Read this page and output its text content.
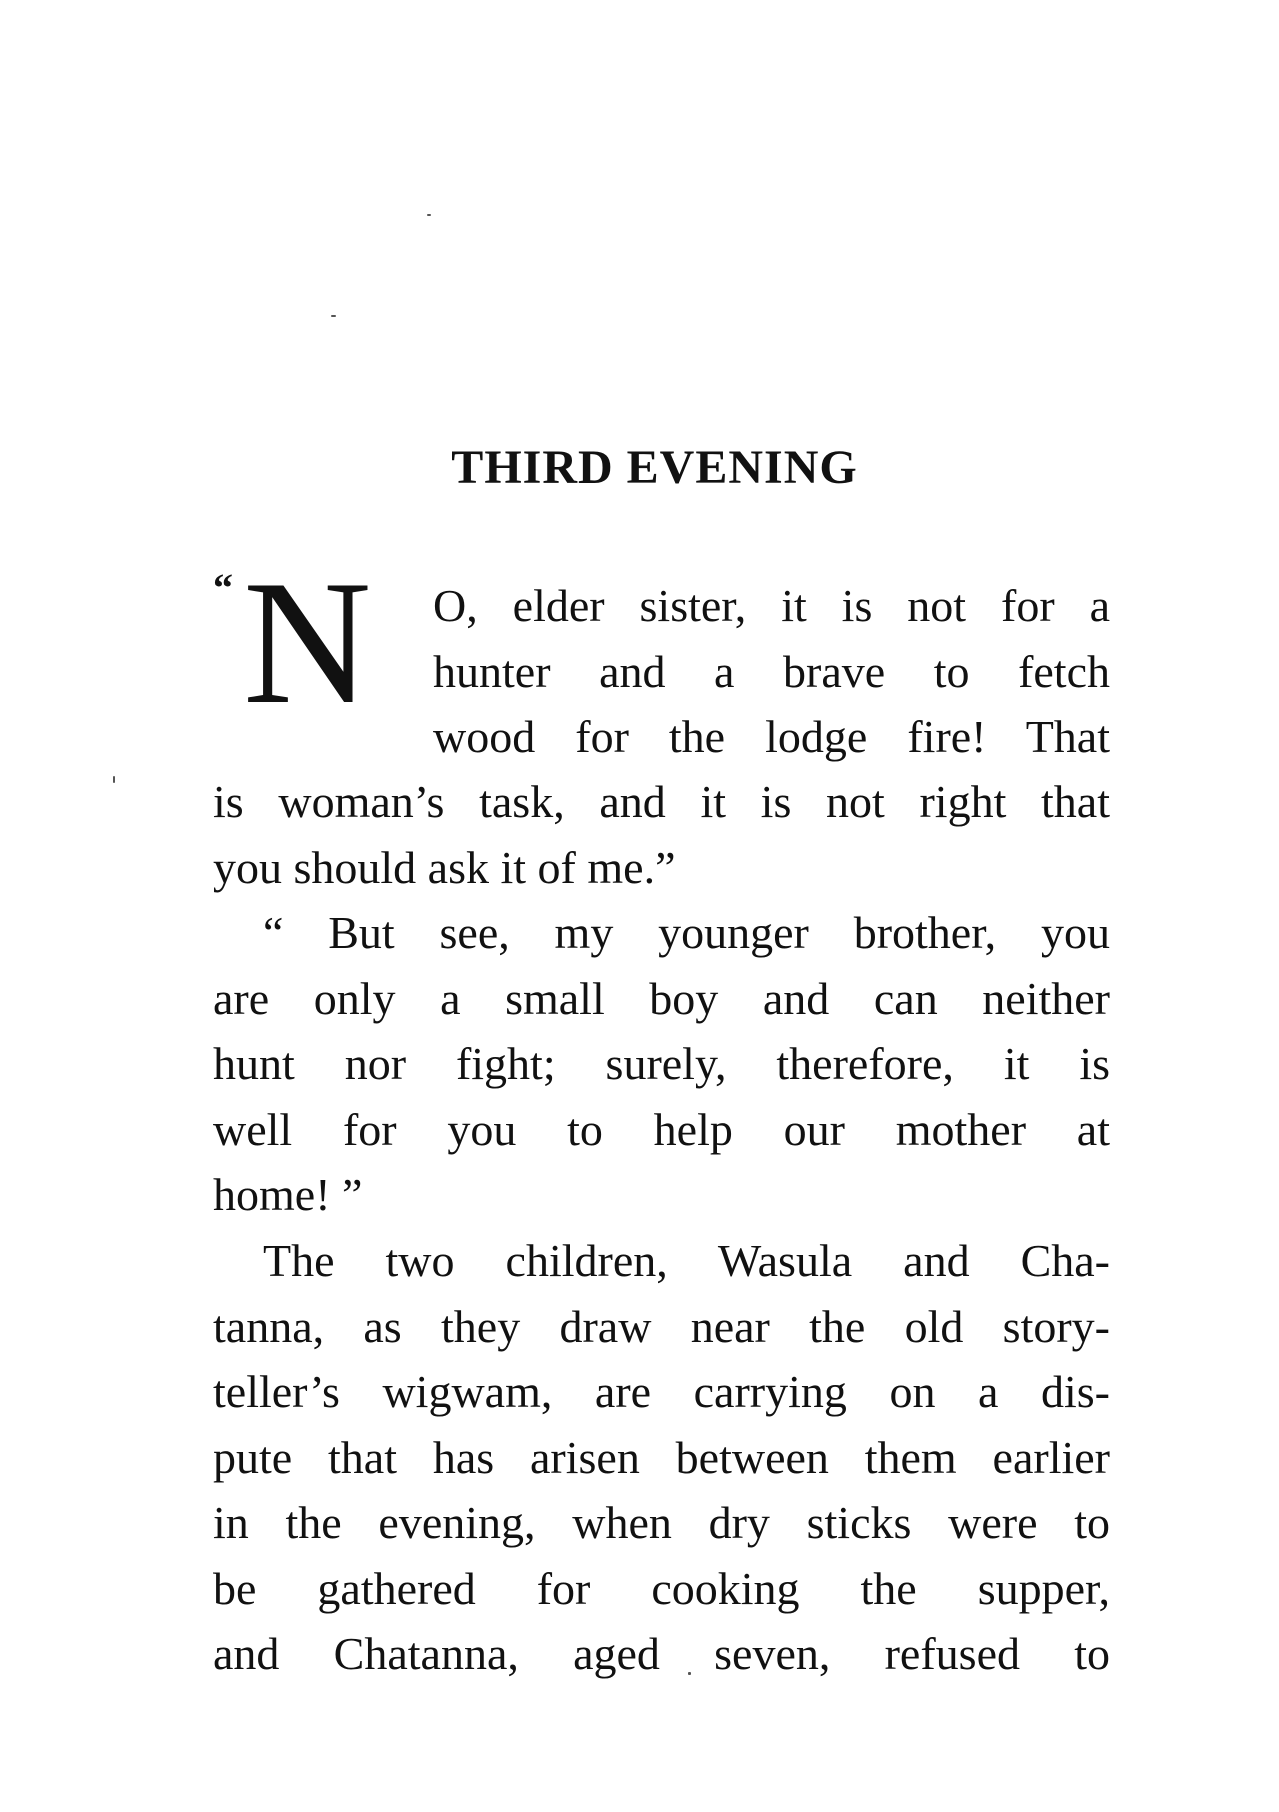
THIRD EVENING
“ N O, elder sister, it is not for a
hunter and a brave to fetch
wood for the lodge fire! That
is woman’s task, and it is not right that
you should ask it of me.”
“ But see, my younger brother, you
are only a small boy and can neither
hunt nor fight; surely, therefore, it is
well for you to help our mother at
home! ”
The two children, Wasula and Cha-
tanna, as they draw near the old story-
teller’s wigwam, are carrying on a dis-
pute that has arisen between them earlier
in the evening, when dry sticks were to
be gathered for cooking the supper,
and Chatanna, aged seven, refused to
